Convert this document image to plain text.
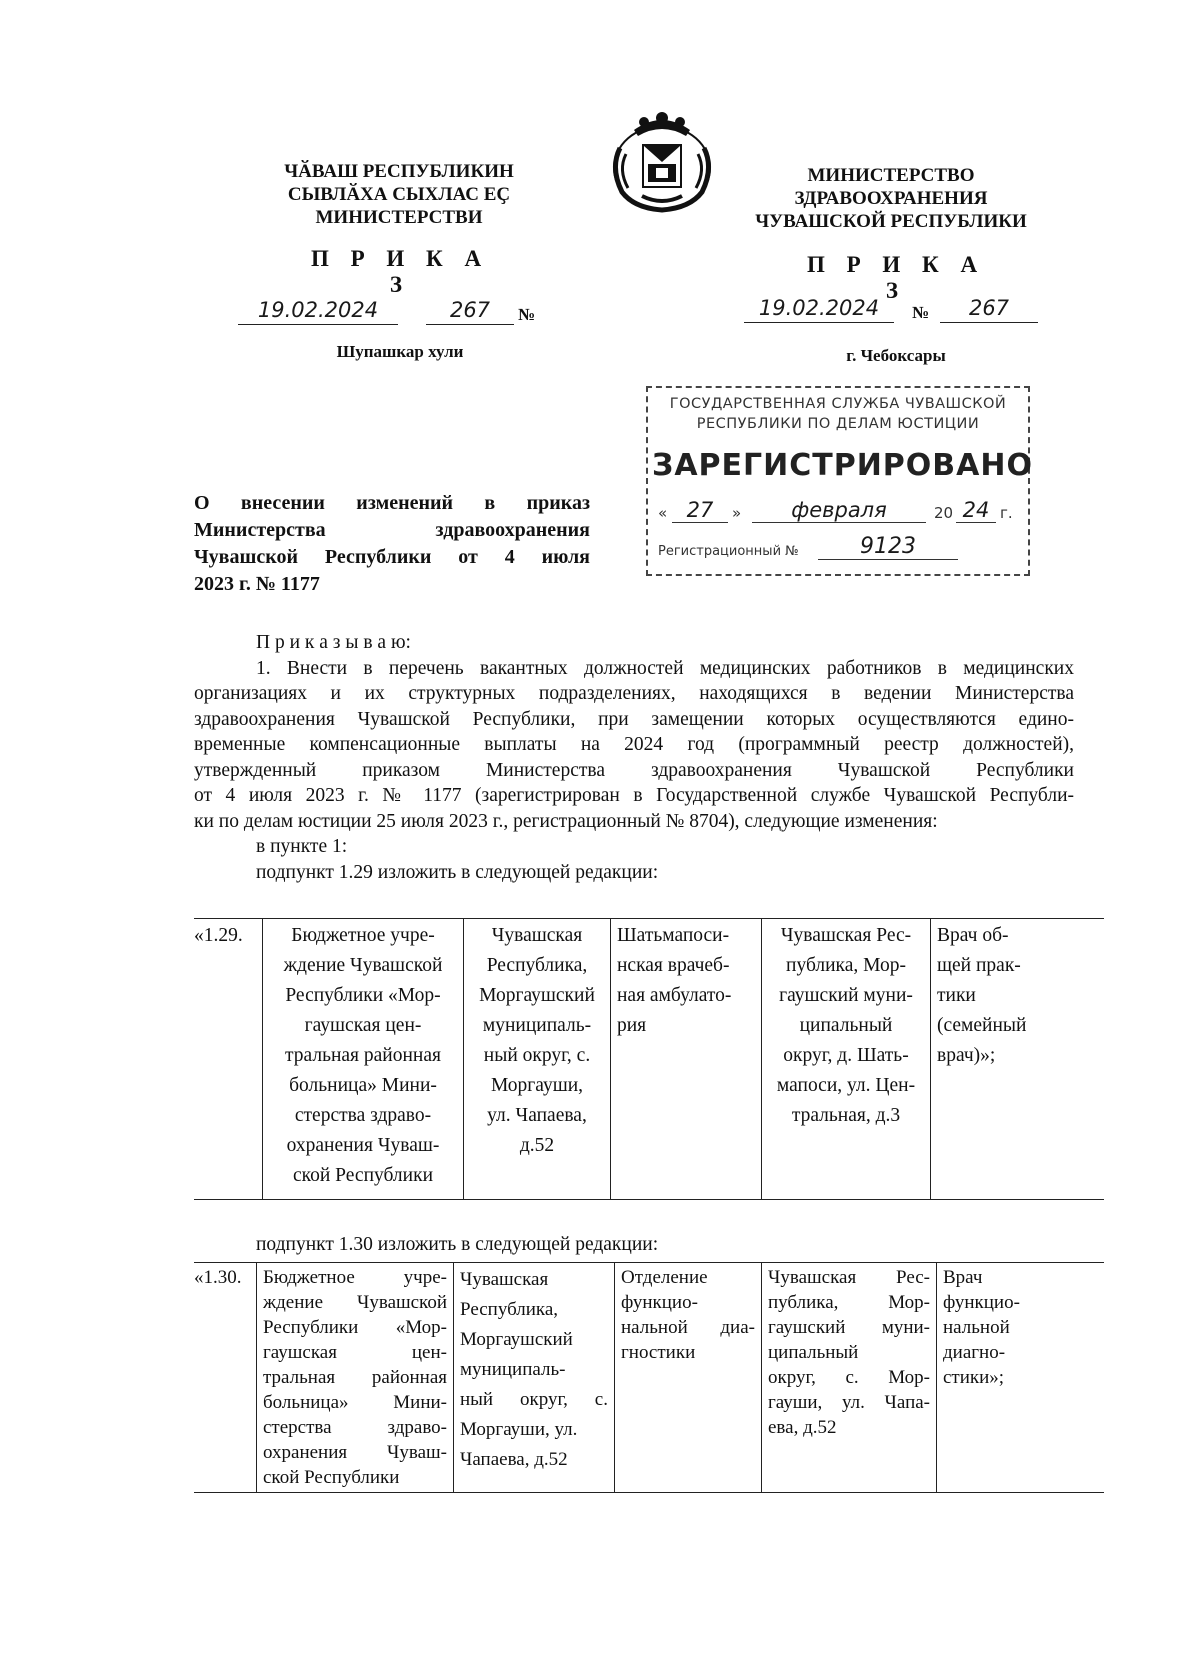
ЧӐВАШ РЕСПУБЛИКИН
СЫВЛӐХА СЫХЛАС ЕҪ
МИНИСТЕРСТВИ
П Р И К А З
19.02.2024	267	№
Шупашкар хули
МИНИСТЕРСТВО
ЗДРАВООХРАНЕНИЯ
ЧУВАШСКОЙ РЕСПУБЛИКИ
П Р И К А З
19.02.2024	№	267
г. Чебоксары
ГОСУДАРСТВЕННАЯ СЛУЖБА ЧУВАШСКОЙ
РЕСПУБЛИКИ ПО ДЕЛАМ ЮСТИЦИИ
ЗАРЕГИСТРИРОВАНО
« 27	»	февраля	20 24 г.
Регистрационный №	9123
О внесении изменений в приказ
Министерства здравоохранения
Чувашской Республики от 4 июля
2023 г. № 1177
П р и к а з ы в а ю:
1. Внести в перечень вакантных должностей медицинских работников в медицинских
организациях и их структурных подразделениях, находящихся в ведении Министерства
здравоохранения Чувашской Республики, при замещении которых осуществляются едино-
временные компенсационные выплаты на 2024 год (программный реестр должностей),
утвержденный приказом Министерства здравоохранения Чувашской Республики
от 4 июля 2023 г. № 1177 (зарегистрирован в Государственной службе Чувашской Республи-
ки по делам юстиции 25 июля 2023 г., регистрационный № 8704), следующие изменения:
в пункте 1:
подпункт 1.29 изложить в следующей редакции:
«1.29.	Бюджетное учре-
ждение Чувашской
Республики «Мор-
гаушская цен-
тральная районная
больница» Мини-
стерства здраво-
охранения Чуваш-
ской Республики

Чувашская
Республика,
Моргаушский
муниципаль-
ный округ, с.
Моргауши,
ул. Чапаева,
д.52

Шатьмапоси-
нская врачеб-
ная амбулато-
рия

Чувашская Рес-
публика, Мор-
гаушский муни-
ципальный
округ, д. Шать-
мапоси, ул. Цен-
тральная, д.3

Врач об-
щей прак-
тики
(семейный
врач)»;
подпункт 1.30 изложить в следующей редакции:
«1.30.	Бюджетное учре-
ждение Чувашской
Республики «Мор-
гаушская цен-
тральная районная
больница» Мини-
стерства здраво-
охранения Чуваш-
ской Республики

Чувашская
Республика,
Моргаушский
муниципаль-
ный округ, с.
Моргауши, ул.
Чапаева, д.52

Отделение
функцио-
нальной диа-
гностики

Чувашская Рес-
публика, Мор-
гаушский муни-
ципальный
округ, с. Мор-
гауши, ул. Чапа-
ева, д.52

Врач
функцио-
нальной
диагно-
стики»;
